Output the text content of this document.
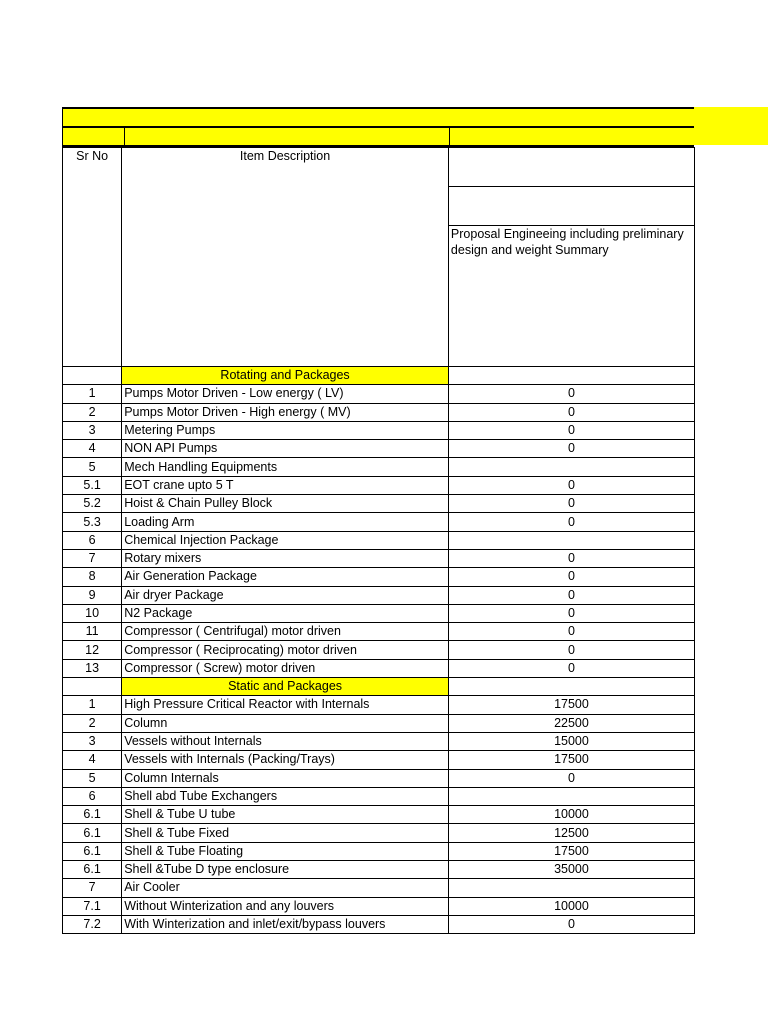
Sr No	Item Description	

		Proposal Engineeing including preliminary design and weight Summary
	Rotating and Packages	
1	Pumps Motor Driven - Low energy ( LV)	0
2	Pumps Motor Driven - High energy ( MV)	0
3	Metering Pumps	0
4	NON API Pumps	0
5	Mech Handling Equipments	
5.1	EOT crane upto 5 T	0
5.2	Hoist & Chain Pulley Block	0
5.3	Loading Arm	0
6	Chemical Injection Package	
7	Rotary mixers	0
8	Air Generation Package	0
9	Air dryer Package	0
10	N2 Package	0
11	Compressor ( Centrifugal) motor driven	0
12	Compressor ( Reciprocating) motor driven	0
13	Compressor ( Screw) motor driven	0
	Static and Packages	
1	High Pressure Critical Reactor with Internals	17500
2	Column	22500
3	Vessels without Internals	15000
4	Vessels with Internals (Packing/Trays)	17500
5	Column Internals	0
6	Shell abd Tube Exchangers	
6.1	Shell & Tube U tube	10000
6.1	Shell & Tube Fixed	12500
6.1	Shell & Tube Floating	17500
6.1	Shell &Tube D type enclosure	35000
7	Air Cooler	
7.1	Without Winterization and any louvers	10000
7.2	With Winterization and inlet/exit/bypass louvers	0
